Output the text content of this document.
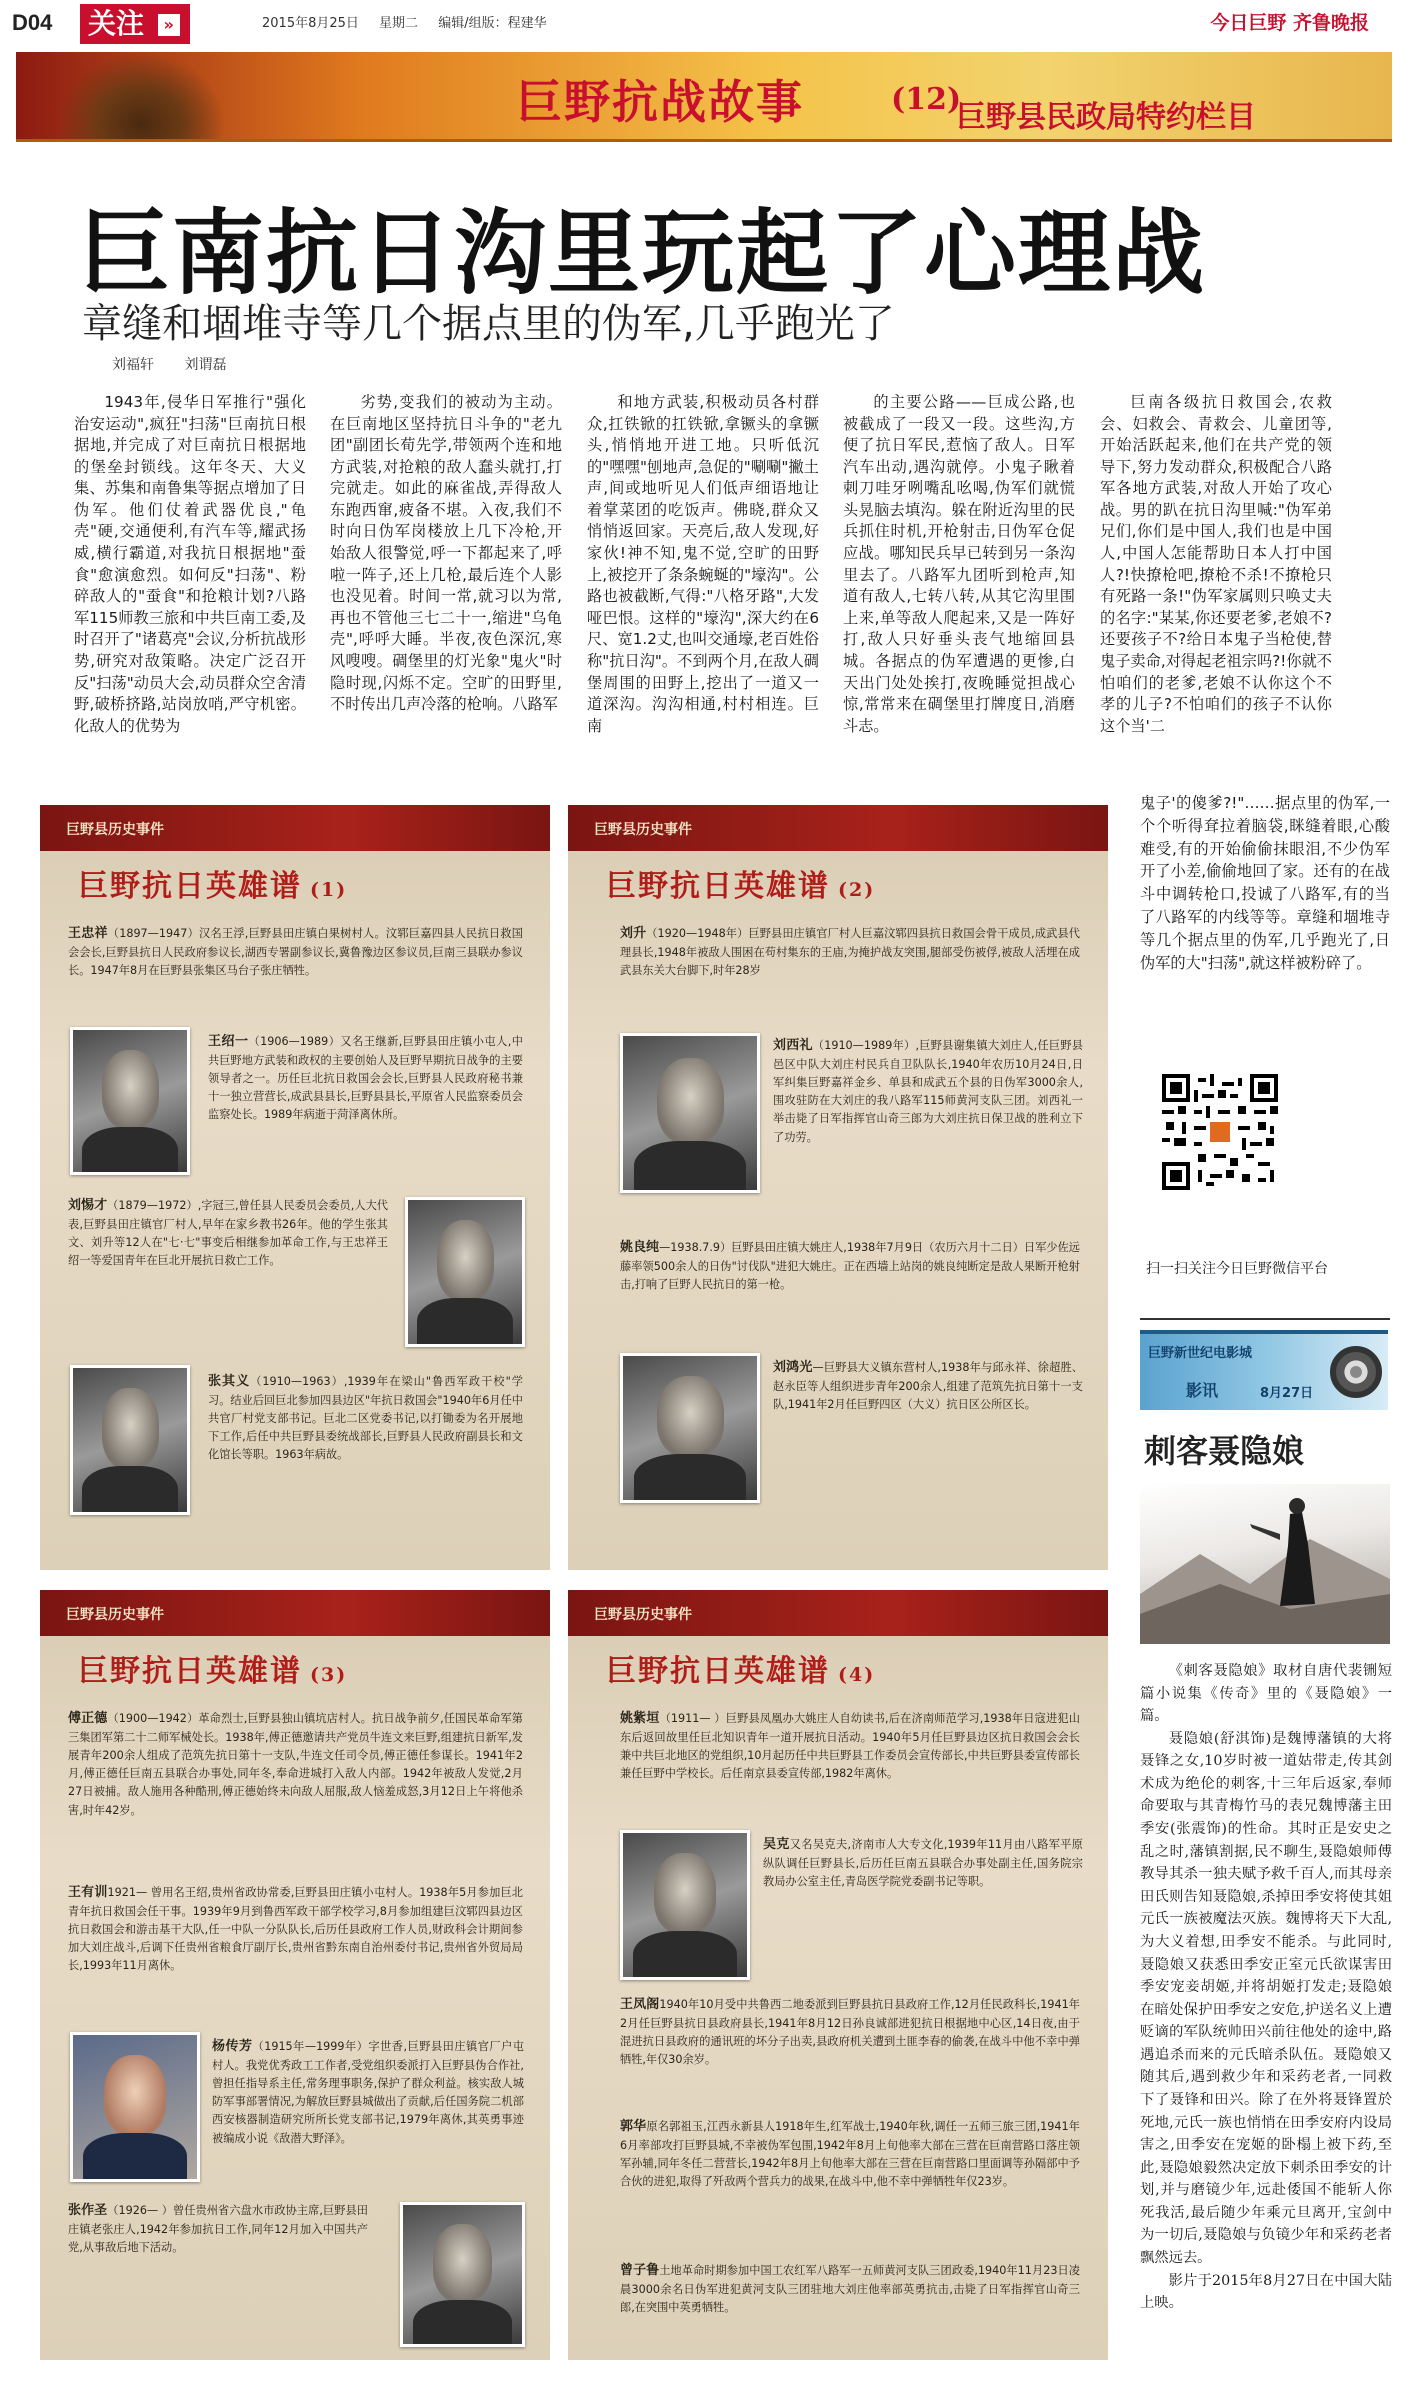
D04 关注 »	2015年8月25日 星期二 编辑/组版：程建华	今日巨野 齐鲁晚报
巨野抗战故事	(12)
巨野县民政局特约栏目
巨南抗日沟里玩起了心理战
章缝和堌堆寺等几个据点里的伪军,几乎跑光了
刘福轩 刘谓磊

1943年,侵华日军推行"强化治安运动",疯狂"扫荡"巨南抗日根据地,并完成了对巨南抗日根据地的堡垒封锁线。这年冬天、大义集、苏集和南鲁集等据点增加了日伪军。他们仗着武器优良,"龟壳"硬,交通便利,有汽车等,耀武扬威,横行霸道,对我抗日根据地"蚕食"愈演愈烈。如何反"扫荡"、粉碎敌人的"蚕食"和抢粮计划?八路军115师教三旅和中共巨南工委,及时召开了"诸葛亮"会议,分析抗战形势,研究对敌策略。决定广泛召开反"扫荡"动员大会,动员群众空舍清野,破桥挤路,站岗放哨,严守机密。化敌人的优势为

劣势,变我们的被动为主动。在巨南地区坚持抗日斗争的"老九团"副团长荀先学,带领两个连和地方武装,对抢粮的敌人蠢头就打,打完就走。如此的麻雀战,弄得敌人东跑西窜,疲备不堪。入夜,我们不时向日伪军岗楼放上几下冷枪,开始敌人很警觉,呼一下都起来了,呼啦一阵子,还上几枪,最后连个人影也没见着。时间一常,就习以为常,再也不管他三七二十一,缩进"乌龟壳",呼呼大睡。半夜,夜色深沉,寒风嗖嗖。碉堡里的灯光象"鬼火"时隐时现,闪烁不定。空旷的田野里,不时传出几声冷落的枪响。八路军

和地方武装,积极动员各村群众,扛铁锨的扛铁锨,拿镢头的拿镢头,悄悄地开进工地。只听低沉的"嘿嘿"刨地声,急促的"唰唰"撇土声,间或地听见人们低声细语地让着掌菜团的吃饭声。佛晓,群众又悄悄返回家。天亮后,敌人发现,好家伙!神不知,鬼不觉,空旷的田野上,被挖开了条条蜿蜒的"壕沟"。公路也被截断,气得:"八格牙路",大发哑巴恨。这样的"壕沟",深大约在6尺、宽1.2丈,也叫交通壕,老百姓俗称"抗日沟"。不到两个月,在敌人碉堡周围的田野上,挖出了一道又一道深沟。沟沟相通,村村相连。巨南

的主要公路——巨成公路,也被截成了一段又一段。这些沟,方便了抗日军民,惹恼了敌人。日军汽车出动,遇沟就停。小鬼子瞅着刺刀哇牙咧嘴乱吆喝,伪军们就慌头晃脑去填沟。躲在附近沟里的民兵抓住时机,开枪射击,日伪军仓促应战。哪知民兵早已转到另一条沟里去了。八路军九团听到枪声,知道有敌人,七转八转,从其它沟里围上来,单等敌人爬起来,又是一阵好打,敌人只好垂头丧气地缩回县城。各据点的伪军遭遇的更惨,白天出门处处挨打,夜晚睡觉担战心惊,常常来在碉堡里打牌度日,消磨斗志。

巨南各级抗日救国会,农救会、妇救会、青救会、儿童团等,开始活跃起来,他们在共产党的领导下,努力发动群众,积极配合八路军各地方武装,对敌人开始了攻心战。男的趴在抗日沟里喊:"伪军弟兄们,你们是中国人,我们也是中国人,中国人怎能帮助日本人打中国人?!快撩枪吧,撩枪不杀!不撩枪只有死路一条!"伪军家属则只唤丈夫的名字:"某某,你还要老爹,老娘不?还要孩子不?给日本鬼子当枪使,替鬼子卖命,对得起老祖宗吗?!你就不怕咱们的老爹,老娘不认你这个不孝的儿子?不怕咱们的孩子不认你这个当'二

巨野县历史事件
巨野抗日英雄谱 (1)
王忠祥（1897—1947）汉名王浮,巨野县田庄镇白果树村人。汶郓巨嘉四县人民抗日救国会会长,巨野县抗日人民政府参议长,湖西专署副参议长,冀鲁豫边区参议员,巨南三县联办参议长。1947年8月在巨野县张集区马台子张庄牺牲。
王绍一（1906—1989）又名王继新,巨野县田庄镇小屯人,中共巨野地方武装和政权的主要创始人及巨野早期抗日战争的主要领导者之一。历任巨北抗日救国会会长,巨野县人民政府秘书兼十一独立营营长,成武县县长,巨野县县长,平原省人民监察委员会监察处长。1989年病逝于菏泽离休所。
刘惕才（1879—1972）,字冠三,曾任县人民委员会委员,人大代表,巨野县田庄镇官厂村人,早年在家乡教书26年。他的学生张其文、刘升等12人在"七·七"事变后相继参加革命工作,与王忠祥王绍一等爱国青年在巨北开展抗日救亡工作。
张其义（1910—1963）,1939年在梁山"鲁西军政干校"学习。结业后回巨北参加四县边区"年抗日救国会"1940年6月任中共官厂村党支部书记。巨北二区党委书记,以打锄委为名开展地下工作,后任中共巨野县委统战部长,巨野县人民政府副县长和文化馆长等职。1963年病故。
巨野县历史事件
巨野抗日英雄谱 (2)
刘升（1920—1948年）巨野县田庄镇官厂村人巨嘉汶郓四县抗日救国会骨干成员,成武县代理县长,1948年被敌人围困在苟村集东的王庙,为掩护战友突围,腿部受伤被俘,被敌人活埋在成武县东关大台脚下,时年28岁
刘西礼（1910—1989年）,巨野县谢集镇大刘庄人,任巨野县邑区中队大刘庄村民兵自卫队队长,1940年农历10月24日,日军纠集巨野嘉祥金乡、单县和成武五个县的日伪军3000余人,围攻驻防在大刘庄的我八路军115师黄河支队三团。刘西礼一举击毙了日军指挥官山奇三郎为大刘庄抗日保卫战的胜利立下了功劳。
姚良纯—1938.7.9）巨野县田庄镇大姚庄人,1938年7月9日（农历六月十二日）日军少佐远藤率领500余人的日伪"讨伐队"进犯大姚庄。正在西墙上站岗的姚良纯断定是敌人果断开枪射击,打响了巨野人民抗日的第一枪。
刘鸿光—巨野县大义镇东营村人,1938年与邱永祥、徐超胜、赵永臣等人组织进步青年200余人,组建了范筑先抗日第十一支队,1941年2月任巨野四区（大义）抗日区公所区长。
巨野县历史事件
巨野抗日英雄谱 (3)
傅正德（1900—1942）革命烈士,巨野县独山镇坑店村人。抗日战争前夕,任国民革命军第三集团军第二十二师军械处长。1938年,傅正德邀请共产党员牛连文来巨野,组建抗日新军,发展青年200余人组成了范筑先抗日第十一支队,牛连文任司令员,傅正德任参谋长。1941年2月,傅正德任巨南五县联合办事处,同年冬,奉命进城打入敌人内部。1942年被敌人发觉,2月27日被捕。敌人施用各种酷刑,傅正德始终未向敌人屈服,敌人恼羞成怒,3月12日上午将他杀害,时年42岁。
王有训1921— 曾用名王绍,贵州省政协常委,巨野县田庄镇小屯村人。1938年5月参加巨北青年抗日救国会任干事。1939年9月到鲁西军政干部学校学习,8月参加组建巨汶郓四县边区抗日救国会和游击基干大队,任一中队一分队队长,后历任县政府工作人员,财政科会计期间参加大刘庄战斗,后调下任贵州省粮食厅副厅长,贵州省黔东南自治州委付书记,贵州省外贸局局长,1993年11月离休。
杨传芳（1915年—1999年）字世香,巨野县田庄镇官厂户屯村人。我党优秀政工工作者,受党组织委派打入巨野县伪合作社,曾担任指导系主任,常务理事职务,保护了群众利益。核实敌人城防军事部署情况,为解放巨野县城做出了贡献,后任国务院二机部西安核器制造研究所所长党支部书记,1979年离休,其英勇事迹被编成小说《敌潜大野泽》。
张作圣（1926— ）曾任贵州省六盘水市政协主席,巨野县田庄镇老张庄人,1942年参加抗日工作,同年12月加入中国共产党,从事敌后地下活动。
巨野县历史事件
巨野抗日英雄谱 (4)
姚紫垣（1911— ）巨野县凤凰办大姚庄人自幼读书,后在济南师范学习,1938年日寇进犯山东后返回故里任巨北知识青年一道开展抗日活动。1940年5月任巨野县边区抗日救国会会长兼中共巨北地区的党组织,10月起历任中共巨野县工作委员会宣传部长,中共巨野县委宣传部长兼任巨野中学校长。后任南京县委宣传部,1982年离休。
吴克又名吴克夫,济南市人大专文化,1939年11月由八路军平原纵队调任巨野县长,后历任巨南五县联合办事处副主任,国务院宗教局办公室主任,青岛医学院党委副书记等职。
王凤阁1940年10月受中共鲁西二地委派到巨野县抗日县政府工作,12月任民政科长,1941年2月任巨野县抗日县政府县长,1941年8月12日孙良诚部进犯抗日根据地中心区,14日夜,由于混进抗日县政府的通讯班的坏分子出卖,县政府机关遭到土匪李春的偷袭,在战斗中他不幸中弹牺牲,年仅30余岁。
郭华原名郭祖玉,江西永新县人1918年生,红军战士,1940年秋,调任一五师三旅三团,1941年6月率部攻打巨野县城,不幸被伪军包围,1942年8月上旬他率大部在三营在巨南营路口落庄领军孙辅,同年冬任二营营长,1942年8月上旬他率大部在三营在巨南营路口里面调等孙隔部中予合伙的进犯,取得了歼敌两个营兵力的战果,在战斗中,他不幸中弹牺牲年仅23岁。
曾子鲁土地革命时期参加中国工农红军八路军一五师黄河支队三团政委,1940年11月23日凌晨3000余名日伪军进犯黄河支队三团驻地大刘庄他率部英勇抗击,击毙了日军指挥官山奇三郎,在突围中英勇牺牲。
鬼子'的傻爹?!"……据点里的伪军,一个个听得耷拉着脑袋,眯缝着眼,心酸难受,有的开始偷偷抹眼泪,不少伪军开了小差,偷偷地回了家。还有的在战斗中调转枪口,投诚了八路军,有的当了八路军的内线等等。章缝和堌堆寺等几个据点里的伪军,几乎跑光了,日伪军的大"扫荡",就这样被粉碎了。
扫一扫关注今日巨野微信平台
巨野新世纪电影城
影讯	8月27日
刺客聂隐娘

《刺客聂隐娘》取材自唐代裴铏短篇小说集《传奇》里的《聂隐娘》一篇。

聂隐娘(舒淇饰)是魏博藩镇的大将聂锋之女,10岁时被一道姑带走,传其剑术成为绝伦的刺客,十三年后返家,奉师命要取与其青梅竹马的表兄魏博藩主田季安(张震饰)的性命。其时正是安史之乱之时,藩镇割据,民不聊生,聂隐娘师傅教导其杀一独夫赋予救千百人,而其母亲田氏则告知聂隐娘,杀掉田季安将使其姐元氏一族被魔法灭族。魏博将天下大乱,为大义着想,田季安不能杀。与此同时,聂隐娘又获悉田季安正室元氏欲谋害田季安宠妾胡姬,并将胡姬打发走;聂隐娘在暗处保护田季安之安危,护送名义上遭贬谪的军队统帅田兴前往他处的途中,路遇追杀而来的元氏暗杀队伍。聂隐娘又随其后,遇到救少年和采药老者,一同救下了聂锋和田兴。除了在外将聂锋置於死地,元氏一族也悄悄在田季安府内设局害之,田季安在宠姬的卧榻上被下药,至此,聂隐娘毅然决定放下刺杀田季安的计划,并与磨镜少年,远赴倭国不能斩人你死我活,最后随少年乘元旦离开,宝剑中为一切后,聂隐娘与负镜少年和采药老者飘然远去。

影片于2015年8月27日在中国大陆上映。
